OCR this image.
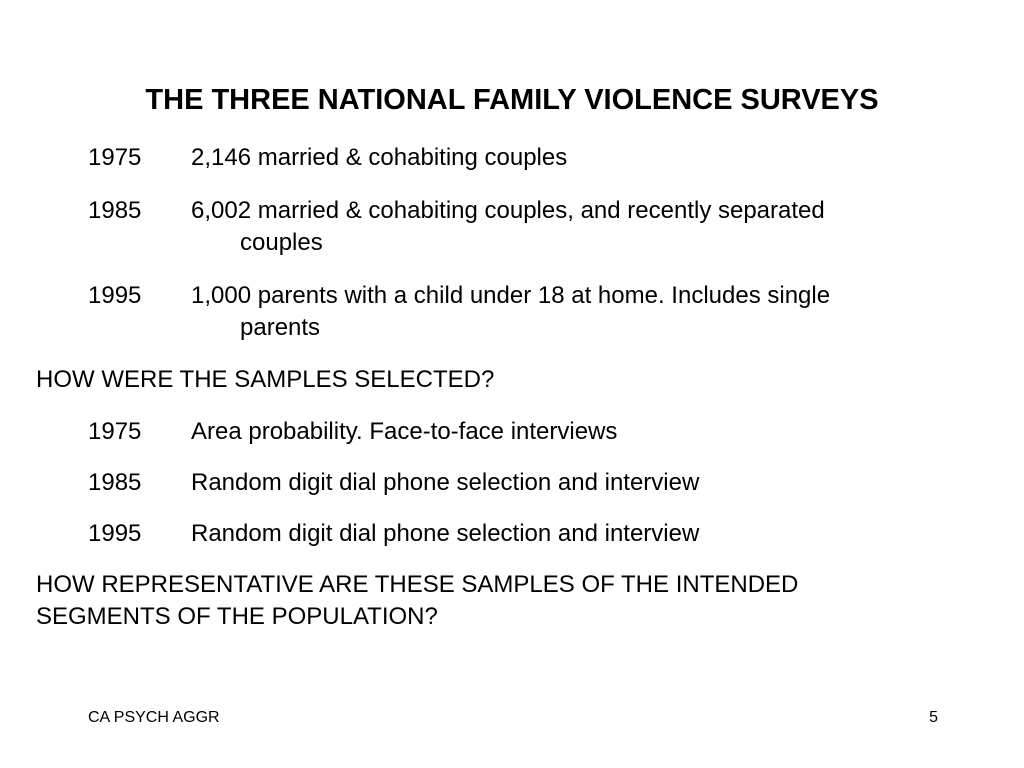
THE THREE NATIONAL FAMILY VIOLENCE SURVEYS
1975 2,146 married & cohabiting couples
1985 6,002 married & cohabiting couples, and recently separated
couples
1995 1,000 parents with a child under 18 at home. Includes single
parents
HOW WERE THE SAMPLES SELECTED?
1975 Area probability. Face-to-face interviews
1985 Random digit dial phone selection and interview
1995 Random digit dial phone selection and interview
HOW REPRESENTATIVE ARE THESE SAMPLES OF THE INTENDED
SEGMENTS OF THE POPULATION?
CA PSYCH AGGR	5
